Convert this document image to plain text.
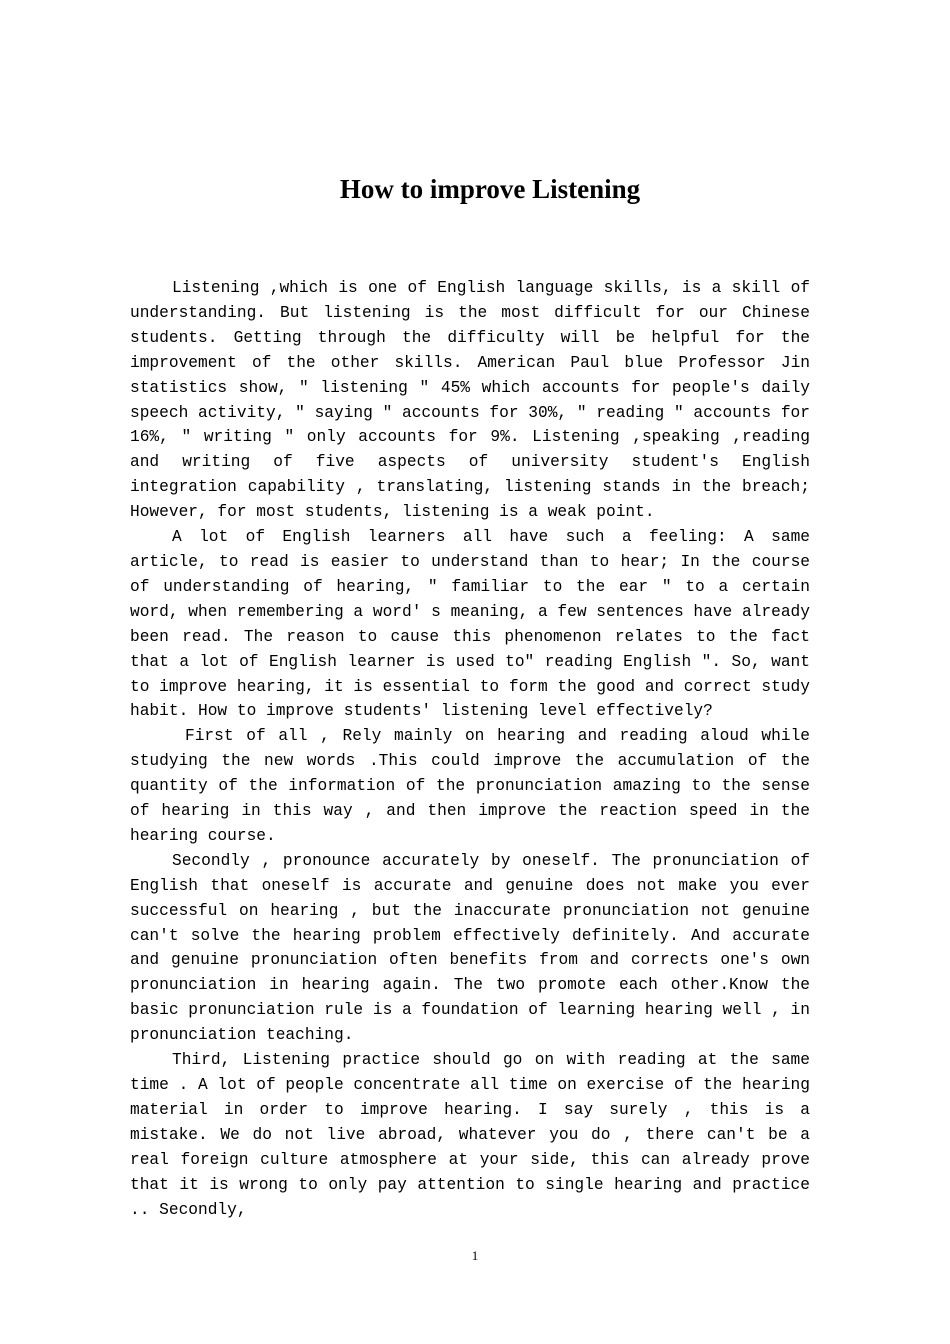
How to improve Listening

Listening ,which is one of English language skills, is a skill of understanding. But listening is the most difficult for our Chinese students. Getting through the difficulty will be helpful for the improvement of the other skills. American Paul blue Professor Jin statistics show, ″ listening ″ 45% which accounts for people's daily speech activity, ″ saying ″ accounts for 30%, ″ reading ″ accounts for 16%, ″ writing ″ only accounts for 9%. Listening ,speaking ,reading and writing of five aspects of university student's English integration capability , translating, listening stands in the breach; However, for most students, listening is a weak point.

A lot of English learners all have such a feeling: A same article, to read is easier to understand than to hear; In the course of understanding of hearing, ″ familiar to the ear ″ to a certain word, when remembering a word' s meaning, a few sentences have already been read. The reason to cause this phenomenon relates to the fact that a lot of English learner is used to″ reading English ″. So, want to improve hearing, it is essential to form the good and correct study habit. How to improve students' listening level effectively?

First of all , Rely mainly on hearing and reading aloud while studying the new words .This could improve the accumulation of the quantity of the information of the pronunciation amazing to the sense of hearing in this way , and then improve the reaction speed in the hearing course.

Secondly , pronounce accurately by oneself. The pronunciation of English that oneself is accurate and genuine does not make you ever successful on hearing , but the inaccurate pronunciation not genuine can't solve the hearing problem effectively definitely. And accurate and genuine pronunciation often benefits from and corrects one's own pronunciation in hearing again. The two promote each other.Know the basic pronunciation rule is a foundation of learning hearing well , in pronunciation teaching.

Third, Listening practice should go on with reading at the same time . A lot of people concentrate all time on exercise of the hearing material in order to improve hearing. I say surely , this is a mistake. We do not live abroad, whatever you do , there can't be a real foreign culture atmosphere at your side, this can already prove that it is wrong to only pay attention to single hearing and practice .. Secondly,

1
